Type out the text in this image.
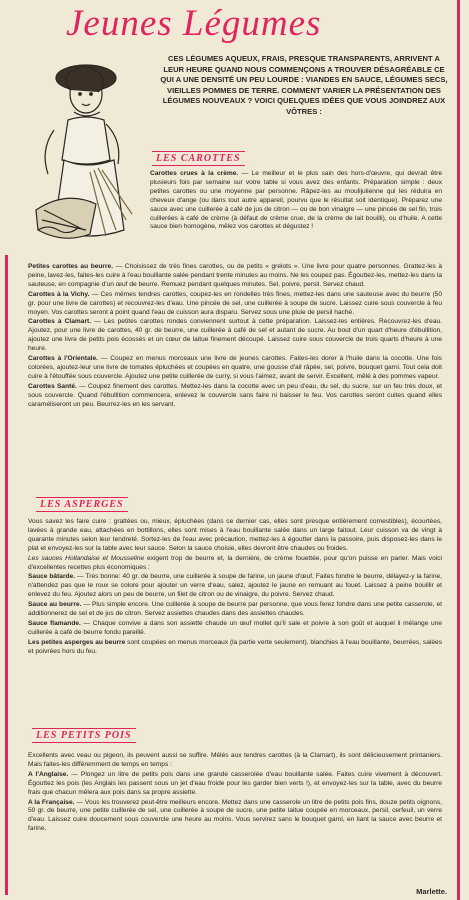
Jeunes Légumes
CES LÉGUMES AQUEUX, FRAIS, PRESQUE TRANSPARENTS, ARRIVENT A LEUR HEURE QUAND NOUS COMMENÇONS A TROUVER DÉSAGRÉABLE CE QUI A UNE DENSITÉ UN PEU LOURDE : VIANDES EN SAUCE, LÉGUMES SECS, VIEILLES POMMES DE TERRE. COMMENT VARIER LA PRÉSENTATION DES LÉGUMES NOUVEAUX ? VOICI QUELQUES IDÉES QUE VOUS JOINDREZ AUX VÔTRES :
LES CAROTTES
Carottes crues à la crème. — Le meilleur et le plus sain des hors-d'œuvre, qui devrait être plusieurs fois par semaine sur votre table si vous avez des enfants. Préparation simple : deux petites carottes ou une moyenne par personne. Râpez-les au moulijulienne qui les réduira en cheveux d'ange (ou dans tout autre appareil, pourvu que le résultat soit identique). Préparez une sauce avec une cuillerée à café de jus de citron — ou de bon vinaigre — une pincée de sel fin, trois cuillerées à café de crème (à défaut de crème crue, de la crème de lait bouilli), ou d'huile. A cette sauce bien homogène, mêlez vos carottes et dégustez !

Petites carottes au beurre. — Choisissez de très fines carottes, ou de petits « grelots ». Une livre pour quatre personnes. Grattez-les à peine, lavez-les, faites-les cuire à l'eau bouillante salée pendant trente minutes au moins. Ne les coupez pas. Égouttez-les, mettez-les dans la sauteuse, en compagnie d'un œuf de beurre. Remuez pendant quelques minutes. Sel, poivre, persil. Servez chaud.

Carottes à la Vichy. — Ces mêmes tendres carottes, coupez-les en rondelles très fines, mettez-les dans une sauteuse avec du beurre (50 gr. pour une livre de carottes) et recouvrez-les d'eau. Une pincée de sel, une cuillerée à soupe de sucre. Laissez cuire sous couvercle à feu moyen. Vos carottes seront à point quand l'eau de cuisson aura disparu. Servez sous une pluie de persil haché.

Carottes à Clamart. — Les petites carottes rondes conviennent surtout à cette préparation. Laissez-les entières. Recouvrez-les d'eau. Ajoutez, pour une livre de carottes, 40 gr. de beurre, une cuillerée à café de sel et autant de sucre. Au bout d'un quart d'heure d'ébullition, ajoutez une livre de petits pois écossés et un cœur de laitue finement découpé. Laissez cuire sous couvercle de trois quarts d'heure à une heure.

Carottes à l'Orientale. — Coupez en menus morceaux une livre de jeunes carottes. Faites-les dorer à l'huile dans la cocotte. Une fois colorées, ajoutez-leur une livre de tomates épluchées et coupées en quatre, une gousse d'ail râpée, sel, poivre, bouquet garni. Tout cela doit cuire à l'étouffée sous couvercle. Ajoutez une petite cuillerée de curry, si vous l'aimez, avant de servir. Excellent, mêlé à des pommes vapeur.

Carottes Santé. — Coupez finement des carottes. Mettez-les dans la cocotte avec un peu d'eau, du sel, du sucre, sur un feu très doux, et sous couvercle. Quand l'ébullition commencera, enlevez le couvercle sans faire ni baisser le feu. Vos carottes seront cuites quand elles caraméliseront un peu. Beurrez-les en les servant.

LES ASPERGES

Vous savez les faire cuire : grattées ou, mieux, épluchées (dans ce dernier cas, elles sont presque entièrement comestibles), écourtées, lavées à grande eau, attachées en bottillons, elles sont mises à l'eau bouillante salée dans un large faitout. Leur cuisson va de vingt à quarante minutes selon leur tendreté. Sortez-les de l'eau avec précaution, mettez-les à égoutter dans la passoire, puis disposez-les dans le plat et envoyez-les sur la table avec leur sauce. Selon la sauce choisie, elles devront être chaudes ou froides.

Les sauces Hollandaise et Mousseline exigent trop de beurre et, la dernière, de crème fouettée, pour qu'on puisse en parler. Mais voici d'excellentes recettes plus économiques :

Sauce bâtarde. — Très bonne: 40 gr. de beurre, une cuillerée à soupe de farine, un jaune d'œuf. Faites fondre le beurre, délayez-y la farine, n'attendez pas que le roux se colore pour ajouter un verre d'eau, salez, ajoutez le jaune en remuant au fouet. Laissez à peine bouillir et enlevez du feu. Ajoutez alors un peu de beurre, un filet de citron ou de vinaigre, du poivre. Servez chaud.

Sauce au beurre. — Plus simple encore. Une cuillerée à soupe de beurre par personne, que vous ferez fondre dans une petite casserole, et additionnerez de sel et de jus de citron. Servez assiettes chaudes dans des assiettes chaudes.

Sauce flamande. — Chaque convive a dans son assiette chaude un œuf mollet qu'il sale et poivre à son goût et auquel il mélange une cuillerée à café de beurre fondu pareillé.

Les petites asperges au beurre sont coupées en menus morceaux (la partie verte seulement), blanchies à l'eau bouillante, beurrées, salées et poivrées hors du feu.

LES PETITS POIS

Excellents avec veau ou pigeon, ils peuvent aussi se suffire. Mêlés aux tendres carottes (à la Clamart), ils sont délicieusement printaniers. Mais faites-les différemment de temps en temps :

A l'Anglaise. — Plongez un litre de petits pois dans une grande casserolée d'eau bouillante salée. Faites cuire vivement à découvert. Égouttez les pois (les Anglais les passent sous un jet d'eau froide pour les garder bien verts !), et envoyez-les sur la table, avec du beurre frais que chacun mêlera aux pois dans sa propre assiette.

A la Française. — Vous les trouverez peut-être meilleurs encore. Mettez dans une casserole un litre de petits pois fins, douze petits oignons, 50 gr. de beurre, une petite cuillerée de sel, une cuillerée à soupe de sucre, une petite laitue coupée en morceaux, persil, cerfeuil, un verre d'eau. Laissez cuire doucement sous couvercle une heure au moins. Vous servirez sans le bouquet garni, en liant la sauce avec beurre et farine.

Marlette.
